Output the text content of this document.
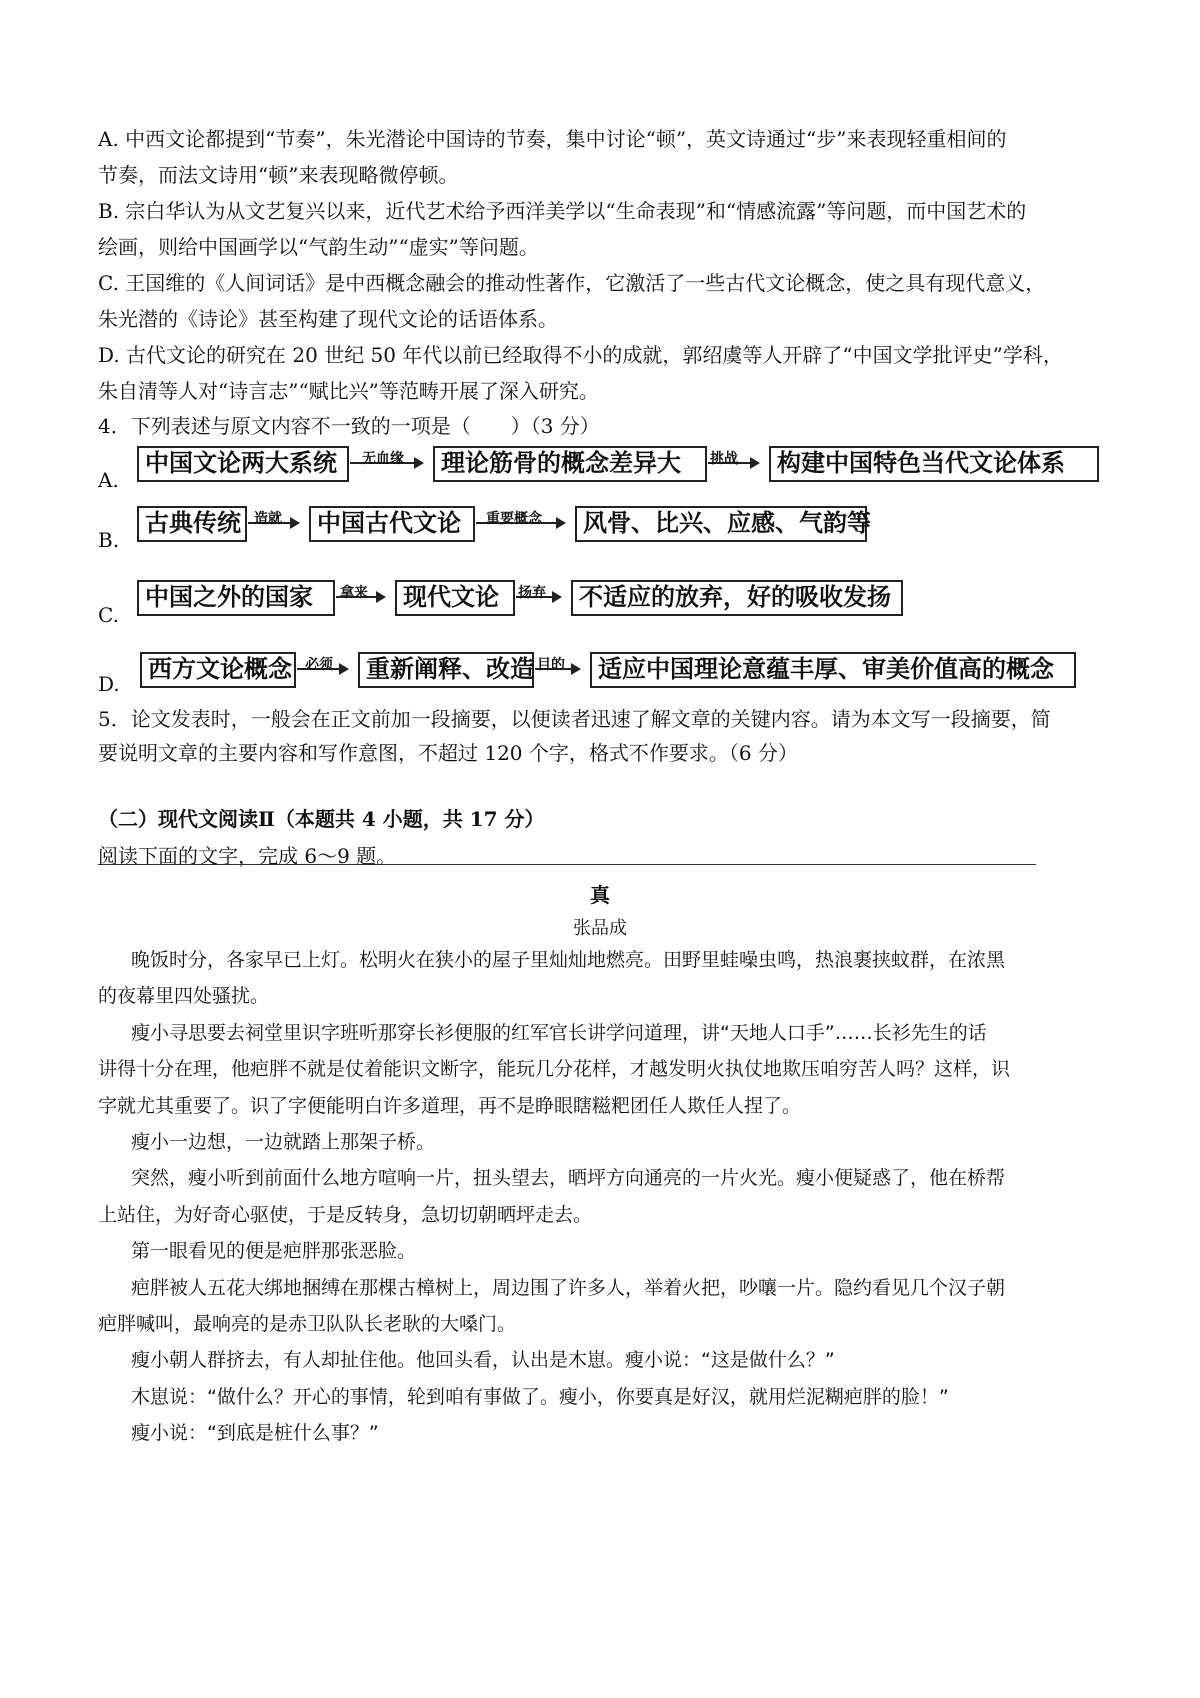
A. 中西文论都提到“节奏”，朱光潜论中国诗的节奏，集中讨论“顿”，英文诗通过“步”来表现轻重相间的
节奏，而法文诗用“顿”来表现略微停顿。
B. 宗白华认为从文艺复兴以来，近代艺术给予西洋美学以“生命表现”和“情感流露”等问题，而中国艺术的
绘画，则给中国画学以“气韵生动”“虚实”等问题。
C. 王国维的《人间词话》是中西概念融会的推动性著作，它激活了一些古代文论概念，使之具有现代意义，
朱光潜的《诗论》甚至构建了现代文论的话语体系。
D. 古代文论的研究在 20 世纪 50 年代以前已经取得不小的成就，郭绍虞等人开辟了“中国文学批评史”学科，
朱自清等人对“诗言志”“赋比兴”等范畴开展了深入研究。
4．下列表述与原文内容不一致的一项是（　　）（3 分）
A.
中国文论两大系统	无血缘	理论筋骨的概念差异大	挑战	构建中国特色当代文论体系
B.
古典传统 造就	中国古代文论	重要概念	风骨、比兴、应感、气韵等
C.
中国之外的国家	拿来	现代文论	扬弃	不适应的放弃，好的吸收发扬
D.
西方文论概念 必须	重新阐释、改造 目的	适应中国理论意蕴丰厚、审美价值高的概念
5．论文发表时，一般会在正文前加一段摘要，以便读者迅速了解文章的关键内容。请为本文写一段摘要，简
要说明文章的主要内容和写作意图，不超过 120 个字，格式不作要求。（6 分）
（二）现代文阅读Ⅱ（本题共 4 小题，共 17 分）
阅读下面的文字，完成 6～9 题。
真
张品成
晚饭时分，各家早已上灯。松明火在狭小的屋子里灿灿地燃亮。田野里蛙噪虫鸣，热浪裹挟蚊群，在浓黑
的夜幕里四处骚扰。
瘦小寻思要去祠堂里识字班听那穿长衫便服的红军官长讲学问道理，讲“天地人口手”……长衫先生的话
讲得十分在理，他疤胖不就是仗着能识文断字，能玩几分花样，才越发明火执仗地欺压咱穷苦人吗？这样，识
字就尤其重要了。识了字便能明白许多道理，再不是睁眼瞎糍粑团任人欺任人捏了。
瘦小一边想，一边就踏上那架子桥。
突然，瘦小听到前面什么地方喧响一片，扭头望去，晒坪方向通亮的一片火光。瘦小便疑惑了，他在桥帮
上站住，为好奇心驱使，于是反转身，急切切朝晒坪走去。
第一眼看见的便是疤胖那张恶脸。
疤胖被人五花大绑地捆缚在那棵古樟树上，周边围了许多人，举着火把，吵嚷一片。隐约看见几个汉子朝
疤胖喊叫，最响亮的是赤卫队队长老耿的大嗓门。
瘦小朝人群挤去，有人却扯住他。他回头看，认出是木崽。瘦小说：“这是做什么？”
木崽说：“做什么？开心的事情，轮到咱有事做了。瘦小，你要真是好汉，就用烂泥糊疤胖的脸！”
瘦小说：“到底是桩什么事？”
